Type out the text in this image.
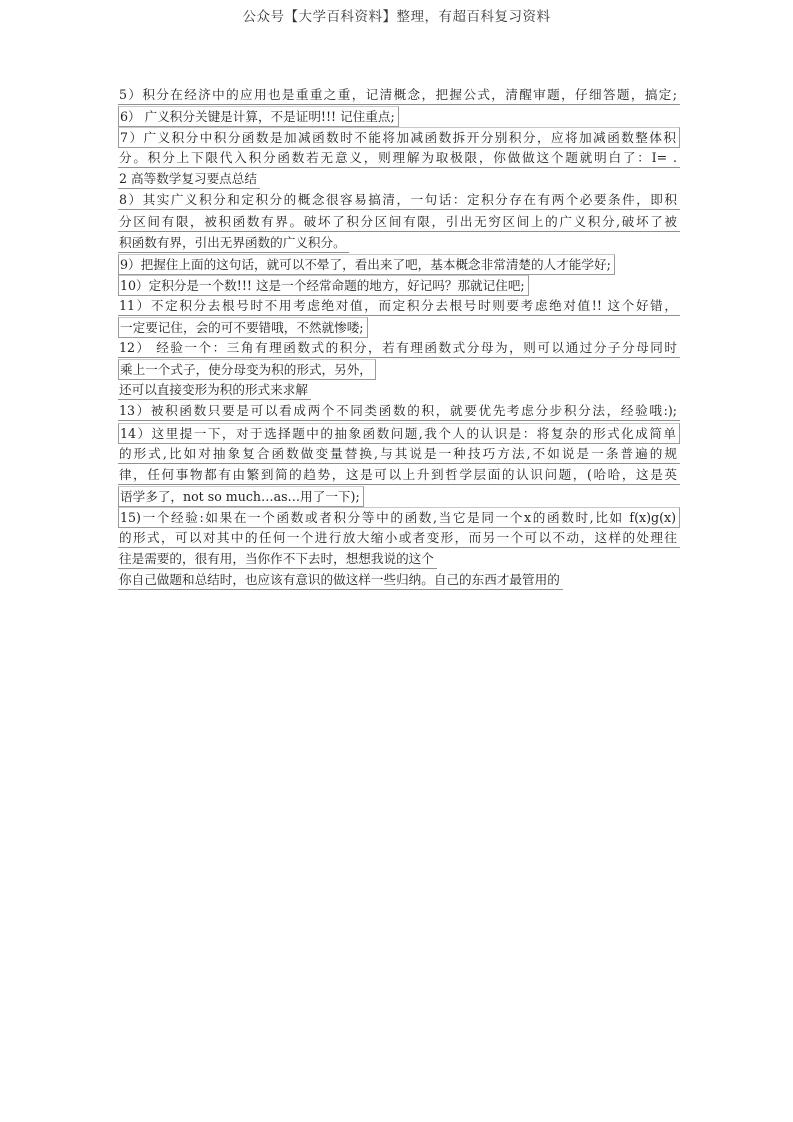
公众号【大学百科资料】整理，有超百科复习资料
5）积分在经济中的应用也是重重之重，记清概念，把握公式，清醒审题，仔细答题，搞定;
6） 广义积分关键是计算，不是证明!!! 记住重点;
7）广义积分中积分函数是加减函数时不能将加减函数拆开分别积分，应将加减函数整体积
分。积分上下限代入积分函数若无意义，则理解为取极限，你做做这个题就明白了：I= .
2 高等数学复习要点总结
8）其实广义积分和定积分的概念很容易搞清，一句话：定积分存在有两个必要条件，即积
分区间有限，被积函数有界。破坏了积分区间有限，引出无穷区间上的广义积分,破坏了被
积函数有界，引出无界函数的广义积分。
9）把握住上面的这句话，就可以不晕了，看出来了吧，基本概念非常清楚的人才能学好;
10）定积分是一个数!!! 这是一个经常命题的地方，好记吗？那就记住吧;
11）不定积分去根号时不用考虑绝对值，而定积分去根号时则要考虑绝对值!! 这个好错，
一定要记住，会的可不要错哦，不然就惨喽;
12） 经验一个：三角有理函数式的积分，若有理函数式分母为，则可以通过分子分母同时
乘上一个式子，使分母变为积的形式，另外，
还可以直接变形为积的形式来求解
13）被积函数只要是可以看成两个不同类函数的积，就要优先考虑分步积分法，经验哦:);
14）这里提一下，对于选择题中的抽象函数问题,我个人的认识是：将复杂的形式化成简单
的形式,比如对抽象复合函数做变量替换,与其说是一种技巧方法,不如说是一条普遍的规
律，任何事物都有由繁到简的趋势，这是可以上升到哲学层面的认识问题，(哈哈，这是英
语学多了，not so much…as…用了一下);
15)一个经验:如果在一个函数或者积分等中的函数,当它是同一个x的函数时,比如 f(x)g(x)
的形式，可以对其中的任何一个进行放大缩小或者变形，而另一个可以不动，这样的处理往
往是需要的，很有用，当你作不下去时，想想我说的这个
你自己做题和总结时，也应该有意识的做这样一些归纳。自己的东西才最管用的
